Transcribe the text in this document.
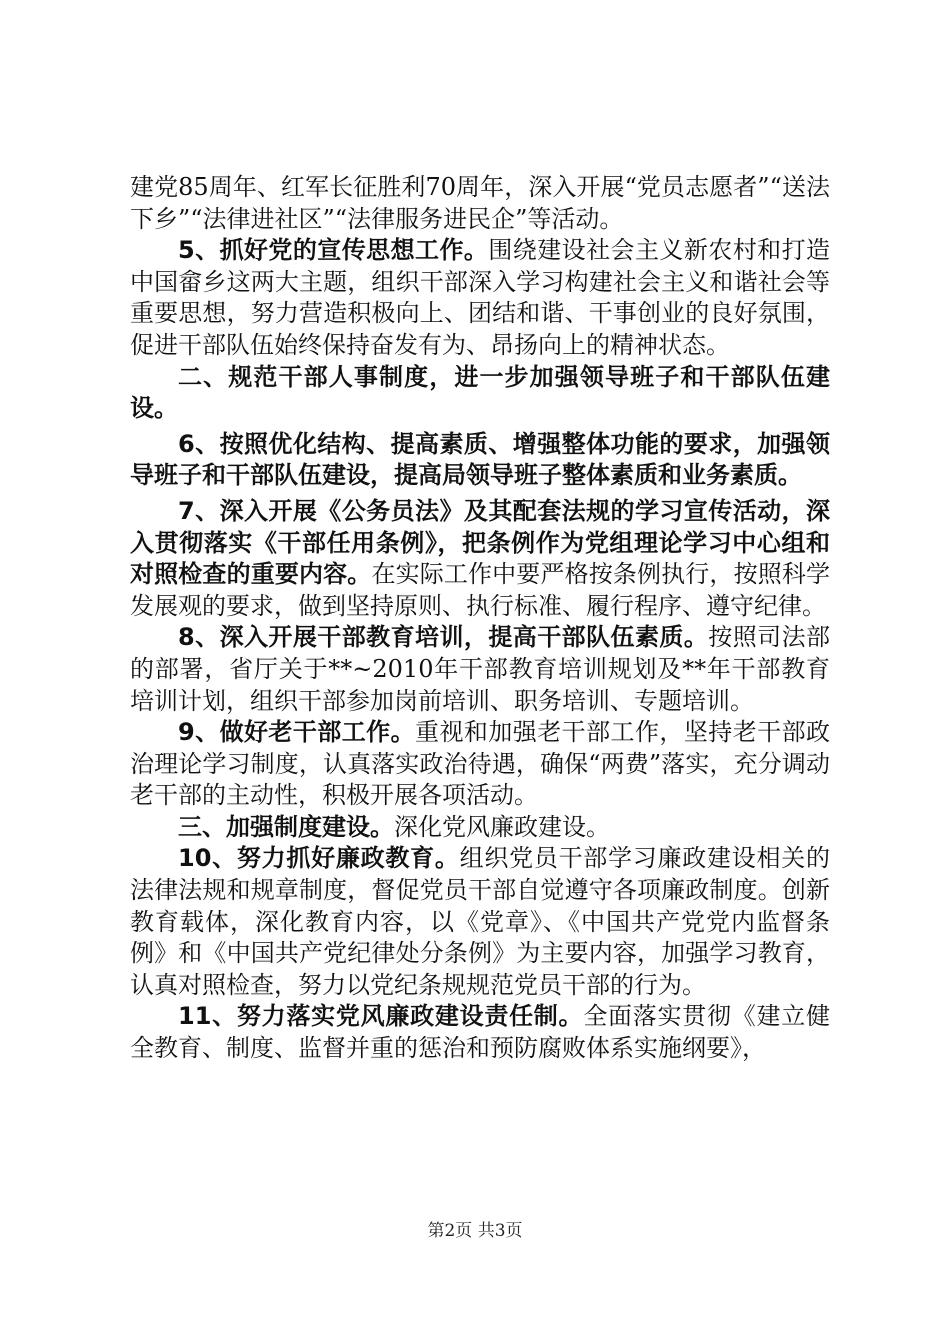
建党85周年、红军长征胜利70周年，深入开展“党员志愿者”“送法下乡”“法律进社区”“法律服务进民企”等活动。

5、抓好党的宣传思想工作。围绕建设社会主义新农村和打造中国畲乡这两大主题，组织干部深入学习构建社会主义和谐社会等重要思想，努力营造积极向上、团结和谐、干事创业的良好氛围，促进干部队伍始终保持奋发有为、昂扬向上的精神状态。

二、规范干部人事制度，进一步加强领导班子和干部队伍建设。

6、按照优化结构、提高素质、增强整体功能的要求，加强领导班子和干部队伍建设，提高局领导班子整体素质和业务素质。

7、深入开展《公务员法》及其配套法规的学习宣传活动，深入贯彻落实《干部任用条例》，把条例作为党组理论学习中心组和对照检查的重要内容。在实际工作中要严格按条例执行，按照科学发展观的要求，做到坚持原则、执行标准、履行程序、遵守纪律。

8、深入开展干部教育培训，提高干部队伍素质。按照司法部的部署，省厅关于**~2010年干部教育培训规划及**年干部教育培训计划，组织干部参加岗前培训、职务培训、专题培训。

9、做好老干部工作。重视和加强老干部工作，坚持老干部政治理论学习制度，认真落实政治待遇，确保“两费”落实，充分调动老干部的主动性，积极开展各项活动。

三、加强制度建设。深化党风廉政建设。

10、努力抓好廉政教育。组织党员干部学习廉政建设相关的法律法规和规章制度，督促党员干部自觉遵守各项廉政制度。创新教育载体，深化教育内容，以《党章》、《中国共产党党内监督条例》和《中国共产党纪律处分条例》为主要内容，加强学习教育，认真对照检查，努力以党纪条规规范党员干部的行为。

11、努力落实党风廉政建设责任制。全面落实贯彻《建立健全教育、制度、监督并重的惩治和预防腐败体系实施纲要》，

第2页 共3页
